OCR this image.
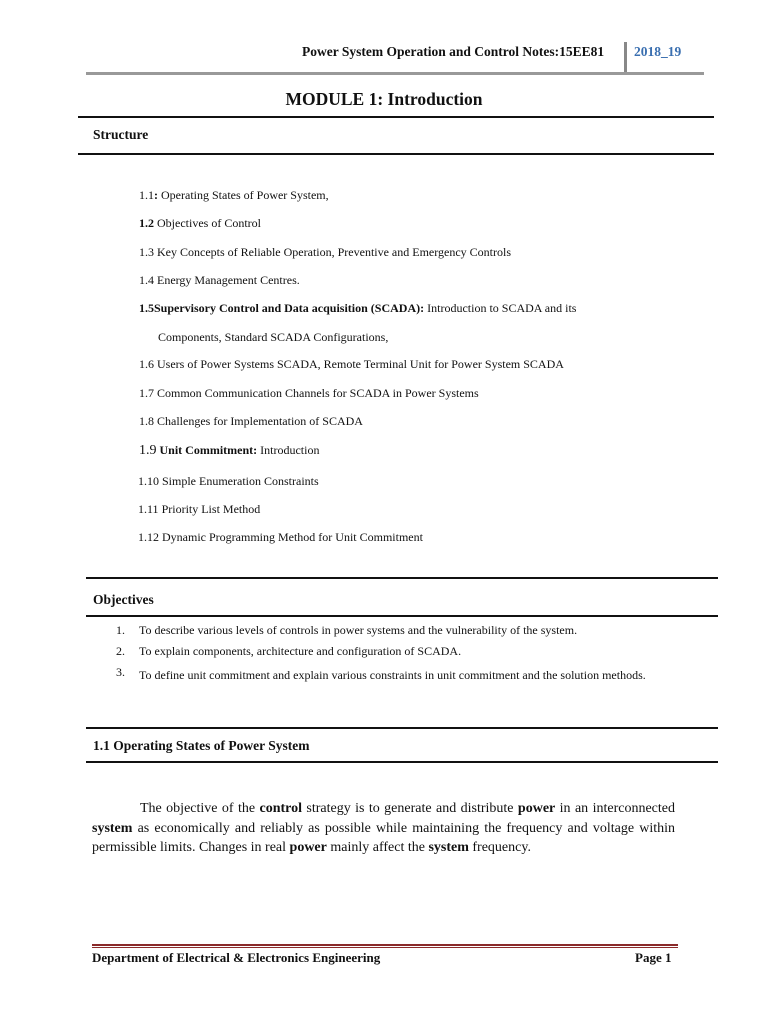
Power System Operation and Control Notes:15EE81 2018_19
MODULE 1: Introduction
Structure
1.1: Operating States of Power System,
1.2 Objectives of Control
1.3 Key Concepts of Reliable Operation, Preventive and Emergency Controls
1.4 Energy Management Centres.
1.5Supervisory Control and Data acquisition (SCADA): Introduction to SCADA and its
Components, Standard SCADA Configurations,
1.6 Users of Power Systems SCADA, Remote Terminal Unit for Power System SCADA
1.7 Common Communication Channels for SCADA in Power Systems
1.8 Challenges for Implementation of SCADA
1.9 Unit Commitment: Introduction
1.10 Simple Enumeration Constraints
1.11 Priority List Method
1.12 Dynamic Programming Method for Unit Commitment
Objectives
1. To describe various levels of controls in power systems and the vulnerability of the system.
2. To explain components, architecture and configuration of SCADA.
3. To define unit commitment and explain various constraints in unit commitment and the solution methods.
1.1 Operating States of Power System
The objective of the control strategy is to generate and distribute power in an interconnected system as economically and reliably as possible while maintaining the frequency and voltage within permissible limits. Changes in real power mainly affect the system frequency.
Department of Electrical & Electronics Engineering	Page 1
